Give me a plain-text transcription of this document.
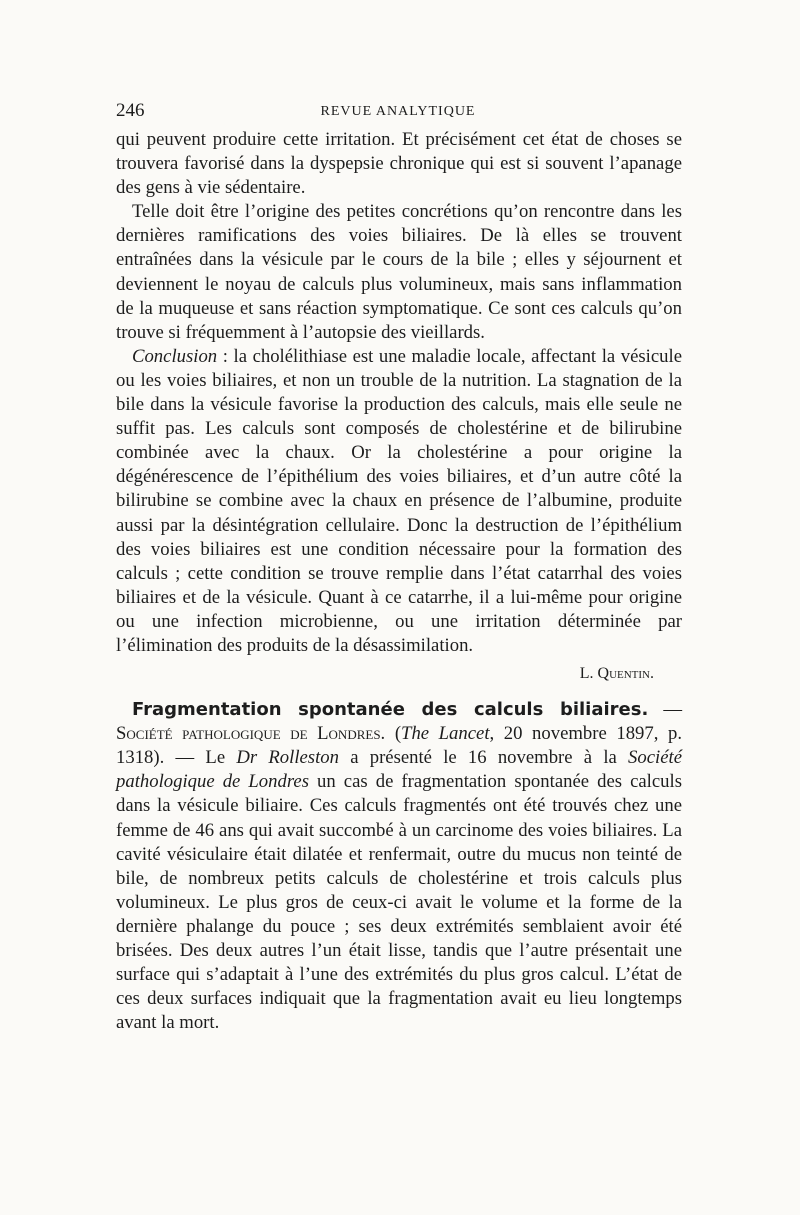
246	REVUE ANALYTIQUE

qui peuvent produire cette irritation. Et précisément cet état de choses se trouvera favorisé dans la dyspepsie chronique qui est si souvent l’apanage des gens à vie sédentaire.

Telle doit être l’origine des petites concrétions qu’on rencontre dans les dernières ramifications des voies biliaires. De là elles se trouvent entraînées dans la vésicule par le cours de la bile ; elles y séjournent et deviennent le noyau de calculs plus volumineux, mais sans inflammation de la muqueuse et sans réaction symptomatique. Ce sont ces calculs qu’on trouve si fréquemment à l’autopsie des vieillards.

Conclusion : la cholélithiase est une maladie locale, affectant la vésicule ou les voies biliaires, et non un trouble de la nutrition. La stagnation de la bile dans la vésicule favorise la production des calculs, mais elle seule ne suffit pas. Les calculs sont composés de cholestérine et de bilirubine combinée avec la chaux. Or la cholestérine a pour origine la dégénérescence de l’épithélium des voies biliaires, et d’un autre côté la bilirubine se combine avec la chaux en présence de l’albumine, produite aussi par la désintégration cellulaire. Donc la destruction de l’épithélium des voies biliaires est une condition nécessaire pour la formation des calculs ; cette condition se trouve remplie dans l’état catarrhal des voies biliaires et de la vésicule. Quant à ce catarrhe, il a lui-même pour origine ou une infection microbienne, ou une irritation déterminée par l’élimination des produits de la désassimilation.

L. Quentin.

Fragmentation spontanée des calculs biliaires. — Société pathologique de Londres. (The Lancet, 20 novembre 1897, p. 1318). — Le Dr Rolleston a présenté le 16 novembre à la Société pathologique de Londres un cas de fragmentation spontanée des calculs dans la vésicule biliaire. Ces calculs fragmentés ont été trouvés chez une femme de 46 ans qui avait succombé à un carcinome des voies biliaires. La cavité vésiculaire était dilatée et renfermait, outre du mucus non teinté de bile, de nombreux petits calculs de cholestérine et trois calculs plus volumineux. Le plus gros de ceux-ci avait le volume et la forme de la dernière phalange du pouce ; ses deux extrémités semblaient avoir été brisées. Des deux autres l’un était lisse, tandis que l’autre présentait une surface qui s’adaptait à l’une des extrémités du plus gros calcul. L’état de ces deux surfaces indiquait que la fragmentation avait eu lieu longtemps avant la mort.
